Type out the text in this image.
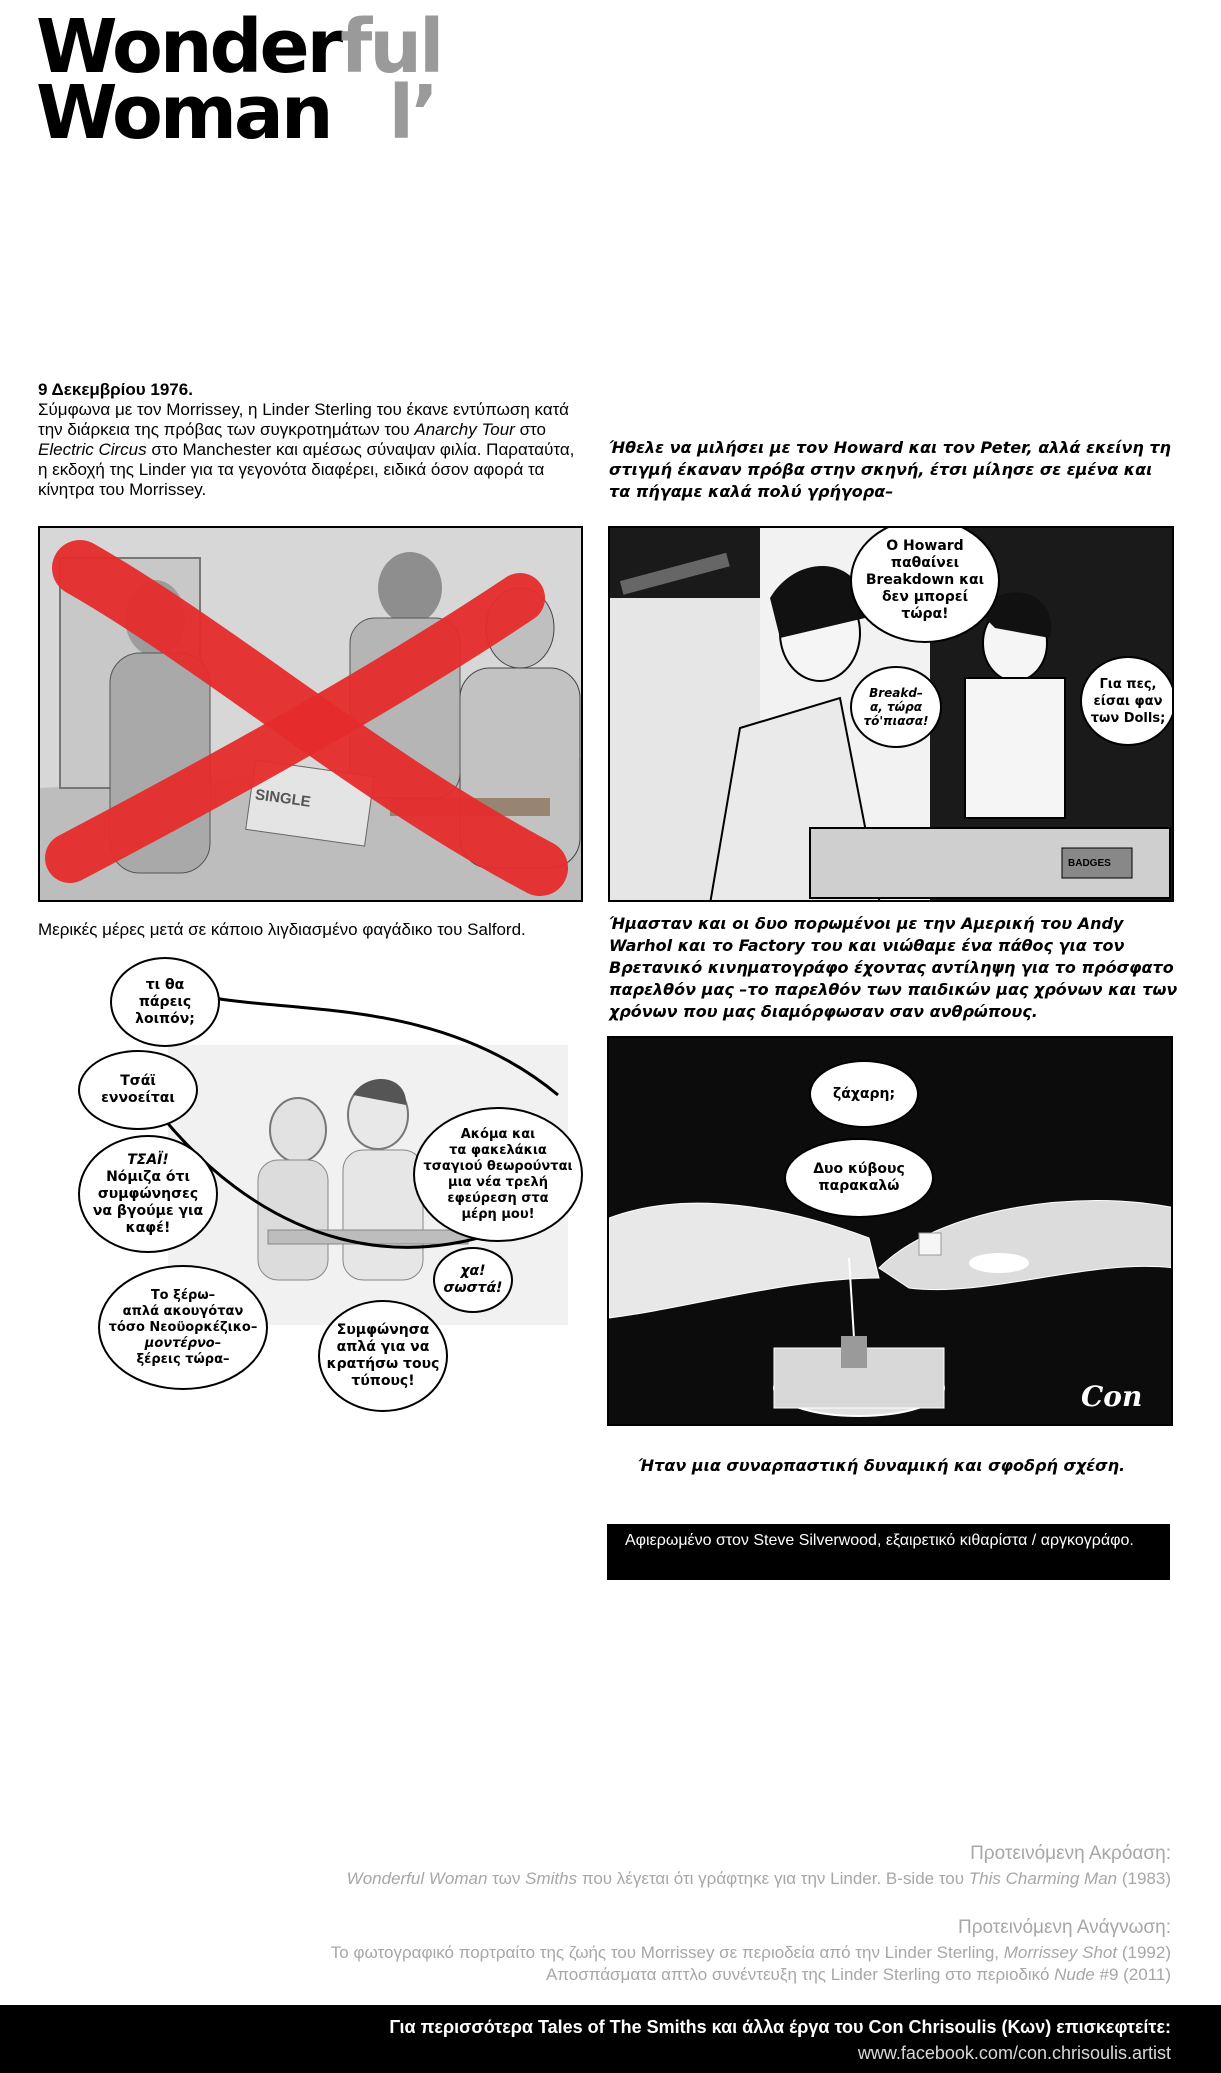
Wonderful
Woman l’
9 Δεκεμβρίου 1976.
Σύμφωνα με τον Morrissey, η Linder Sterling του έκανε εντύπωση κατά την διάρκεια της πρόβας των συγκροτημάτων του Anarchy Tour στο Electric Circus στο Manchester και αμέσως σύναψαν φιλία. Παραταύτα, η εκδοχή της Linder για τα γεγονότα διαφέρει, ειδικά όσον αφορά τα κίνητρα του Morrissey.
Ήθελε να μιλήσει με τον Howard και τον Peter, αλλά εκείνη τη στιγμή έκαναν πρόβα στην σκηνή, έτσι μίλησε σε εμένα και τα πήγαμε καλά πολύ γρήγορα–
SINGLE
BADGES
O Howard
παθαίνει
Breakdown και
δεν μπορεί
τώρα!
Breakd–
α, τώρα
τό'πιασα!
Για πες,
είσαι φαν
των Dolls;
Μερικές μέρες μετά σε κάποιο λιγδιασμένο φαγάδικο του Salford.	Ήμασταν και οι δυο πορωμένοι με την Αμερική του Andy Warhol και το Factory του και νιώθαμε ένα πάθος για τον Βρετανικό κινηματογράφο έχοντας αντίληψη για το πρόσφατο παρελθόν μας –το παρελθόν των παιδικών μας χρόνων και των χρόνων που μας διαμόρφωσαν σαν ανθρώπους.
τι θα
πάρεις
λοιπόν;
Τσάϊ
εννοείται
ΤΣΑΪ!
Νόμιζα ότι
συμφώνησες
να βγούμε για
καφέ!
Ακόμα και
τα φακελάκια
τσαγιού θεωρούνται
μια νέα τρελή
εφεύρεση στα
μέρη μου!
χα!
σωστά!
Το ξέρω–
απλά ακουγόταν
τόσο Νεοϋορκέζικο–
μοντέρνο–
ξέρεις τώρα–
Συμφώνησα
απλά για να
κρατήσω τους
τύπους!
ζάχαρη;
Δυο κύβους
παρακαλώ
Con
Ήταν μια συναρπαστική δυναμική και σφοδρή σχέση.
Αφιερωμένο στον Steve Silverwood, εξαιρετικό κιθαρίστα / αργκογράφο.
Προτεινόμενη Ακρόαση:
Wonderful Woman των Smiths που λέγεται ότι γράφτηκε για την Linder. B-side του This Charming Man (1983)
Προτεινόμενη Ανάγνωση:
Το φωτογραφικό πορτραίτο της ζωής του Morrissey σε περιοδεία από την Linder Sterling, Morrissey Shot (1992)
Αποσπάσματα απτλο συνέντευξη της Linder Sterling στο περιοδικό Nude #9 (2011)
Για περισσότερα Tales of The Smiths και άλλα έργα του Con Chrisoulis (Κων) επισκεφτείτε:
www.facebook.com/con.chrisoulis.artist
